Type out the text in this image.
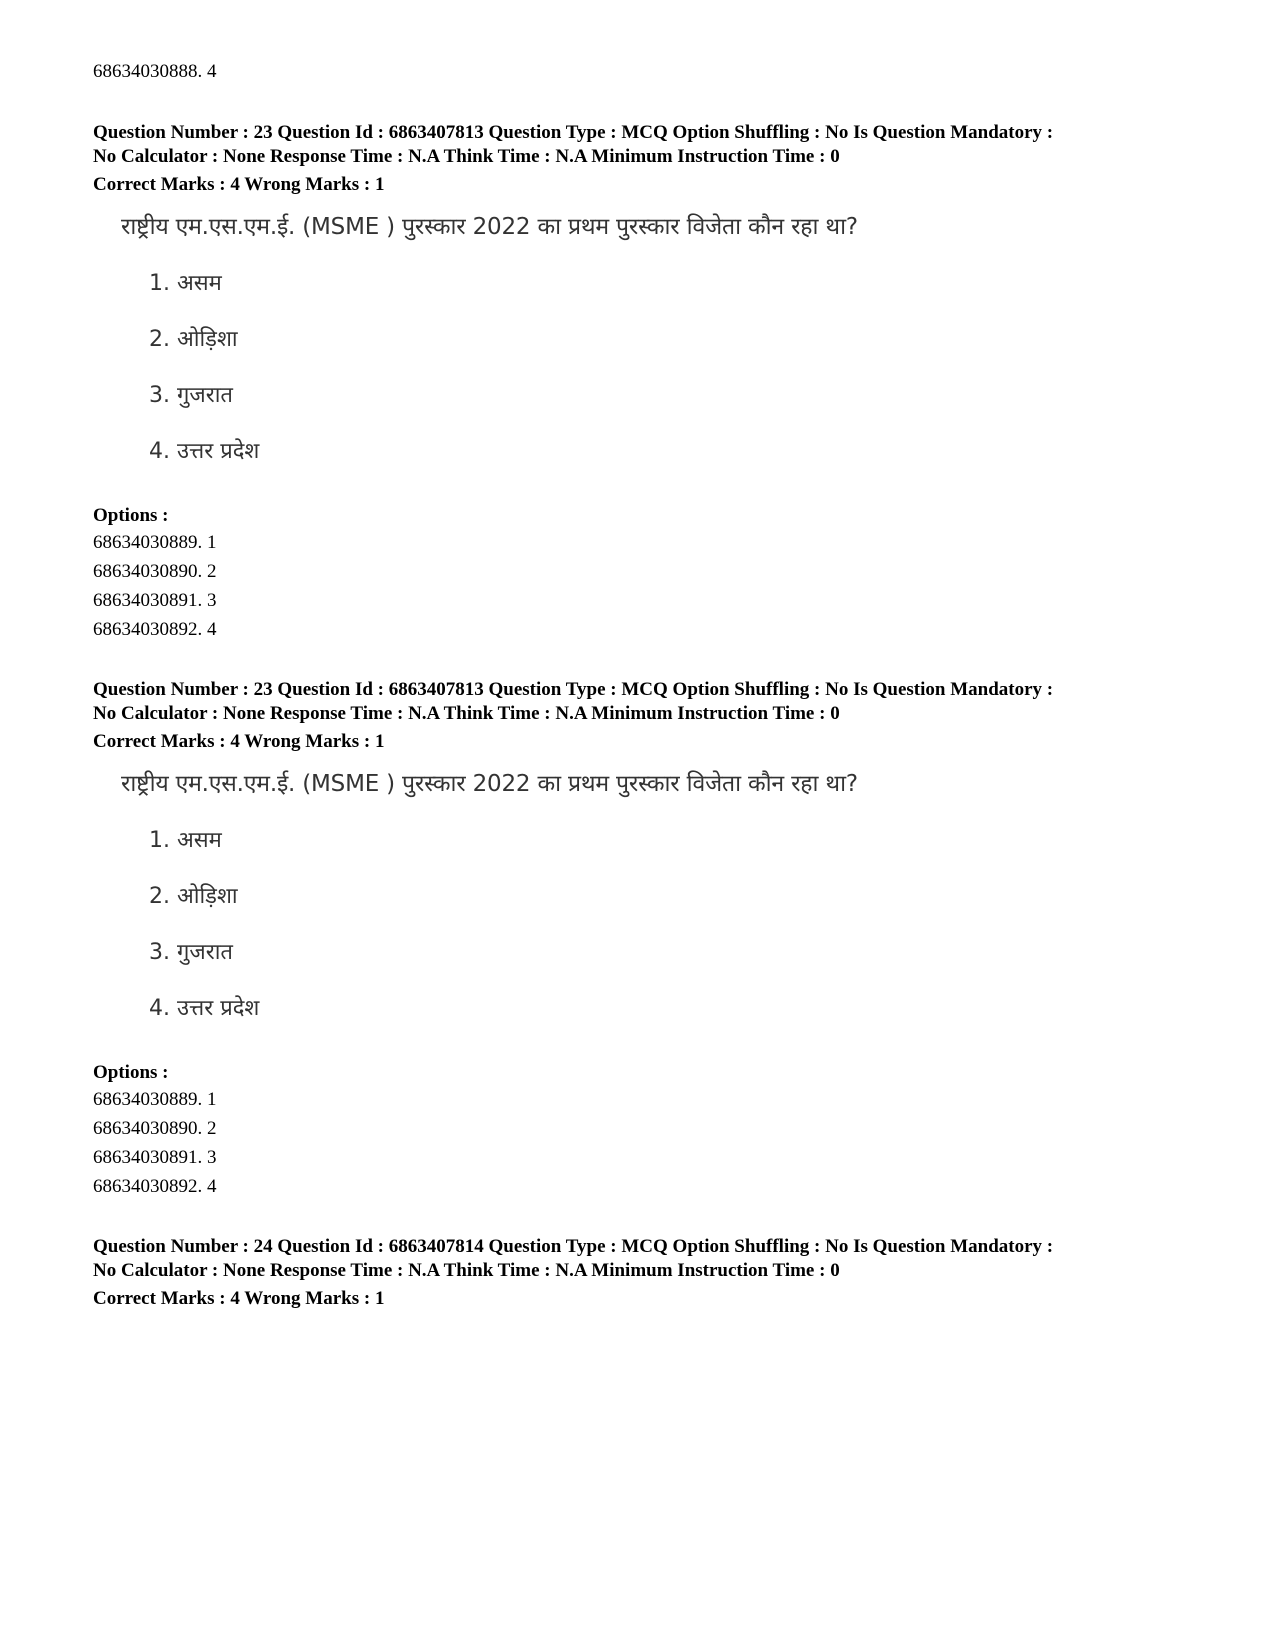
68634030888. 4
Question Number : 23 Question Id : 6863407813 Question Type : MCQ Option Shuffling : No Is Question Mandatory :
No Calculator : None Response Time : N.A Think Time : N.A Minimum Instruction Time : 0
Correct Marks : 4 Wrong Marks : 1
राष्ट्रीय एम.एस.एम.ई. (MSME ) पुरस्कार 2022 का प्रथम पुरस्कार विजेता कौन रहा था?
1. असम
2. ओड़िशा
3. गुजरात
4. उत्तर प्रदेश
Options :
68634030889. 1
68634030890. 2
68634030891. 3
68634030892. 4
Question Number : 23 Question Id : 6863407813 Question Type : MCQ Option Shuffling : No Is Question Mandatory :
No Calculator : None Response Time : N.A Think Time : N.A Minimum Instruction Time : 0
Correct Marks : 4 Wrong Marks : 1
राष्ट्रीय एम.एस.एम.ई. (MSME ) पुरस्कार 2022 का प्रथम पुरस्कार विजेता कौन रहा था?
1. असम
2. ओड़िशा
3. गुजरात
4. उत्तर प्रदेश
Options :
68634030889. 1
68634030890. 2
68634030891. 3
68634030892. 4
Question Number : 24 Question Id : 6863407814 Question Type : MCQ Option Shuffling : No Is Question Mandatory :
No Calculator : None Response Time : N.A Think Time : N.A Minimum Instruction Time : 0
Correct Marks : 4 Wrong Marks : 1
